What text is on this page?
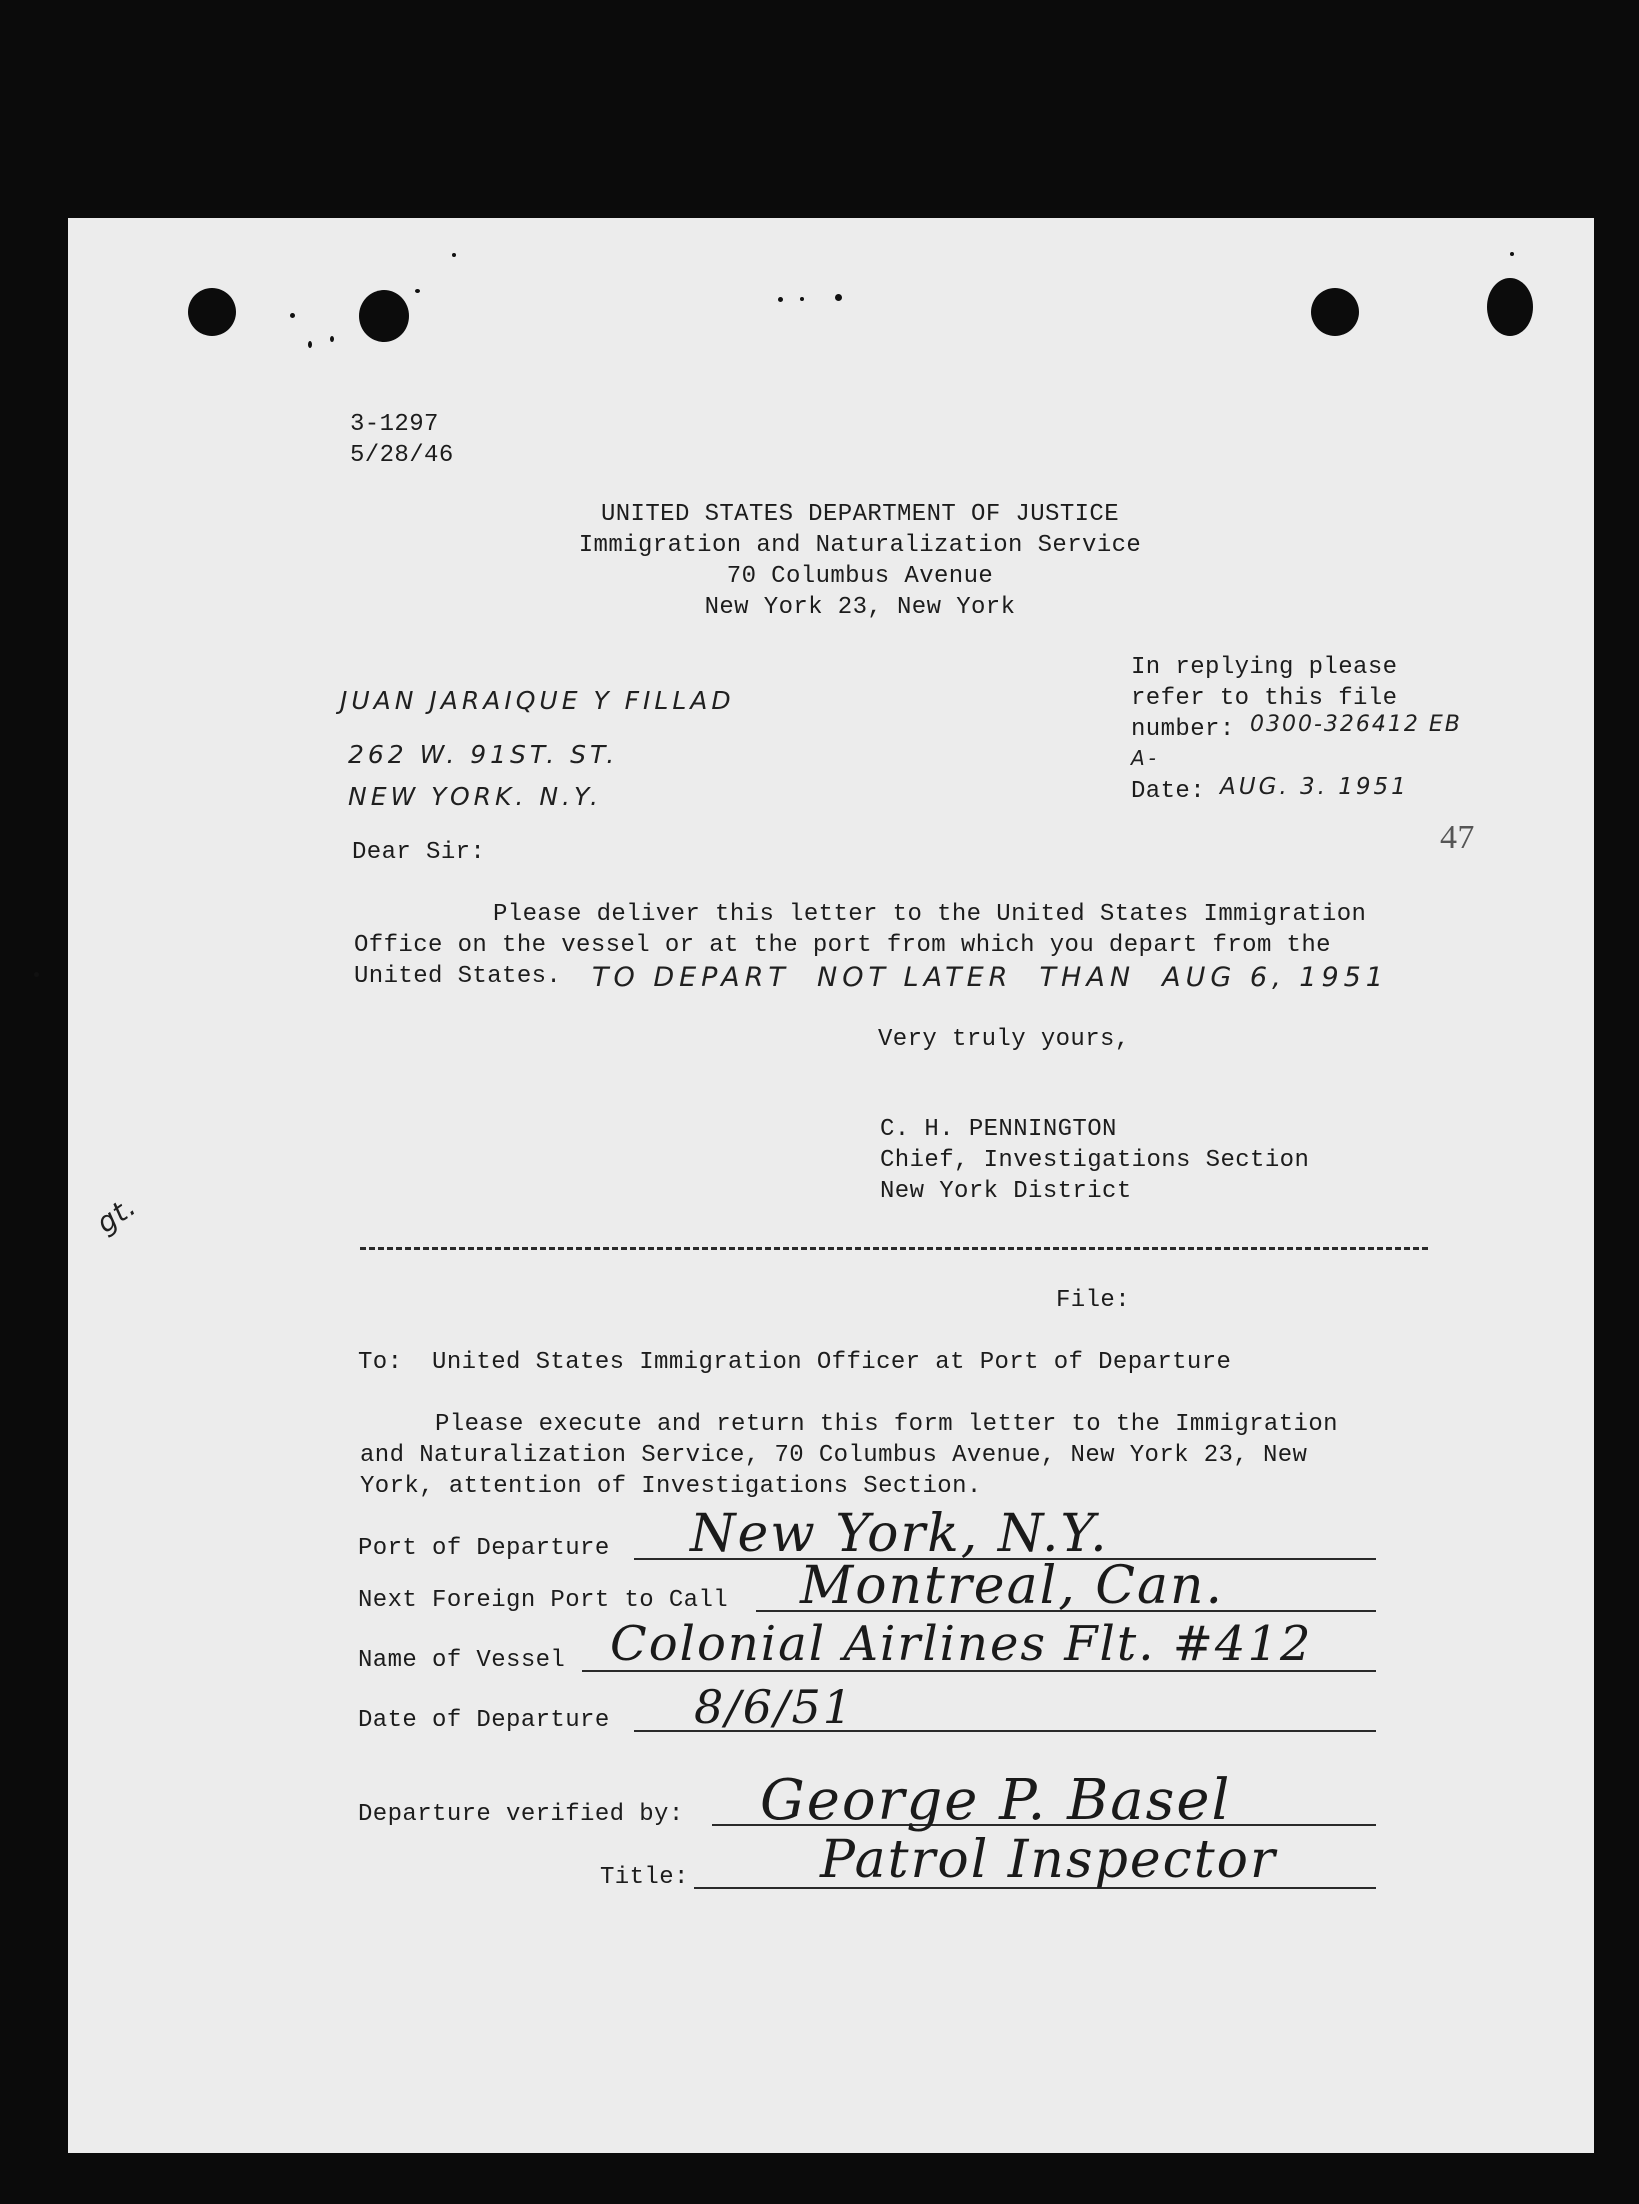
3-1297
5/28/46
UNITED STATES DEPARTMENT OF JUSTICE
Immigration and Naturalization Service
70 Columbus Avenue
New York 23, New York
JUAN JARAIQUE Y FILLAD
262 W. 91ST. ST.
NEW YORK. N.Y.
In replying please
refer to this file
number: 0300-326412 EB
A-
Date: AUG. 3. 1951
47
Dear Sir:
Please deliver this letter to the United States Immigration
Office on the vessel or at the port from which you depart from the
United States. TO DEPART  NOT LATER  THAN  AUG 6, 1951
Very truly yours,
C. H. PENNINGTON
Chief, Investigations Section
New York District
gt.
File:
To:  United States Immigration Officer at Port of Departure
Please execute and return this form letter to the Immigration
and Naturalization Service, 70 Columbus Avenue, New York 23, New
York, attention of Investigations Section.
Port of Departure New York, N.Y.
Next Foreign Port to Call Montreal, Can.
Name of Vessel Colonial Airlines Flt. #412
Date of Departure 8/6/51
Departure verified by: George P. Basel
Title:	Patrol Inspector
